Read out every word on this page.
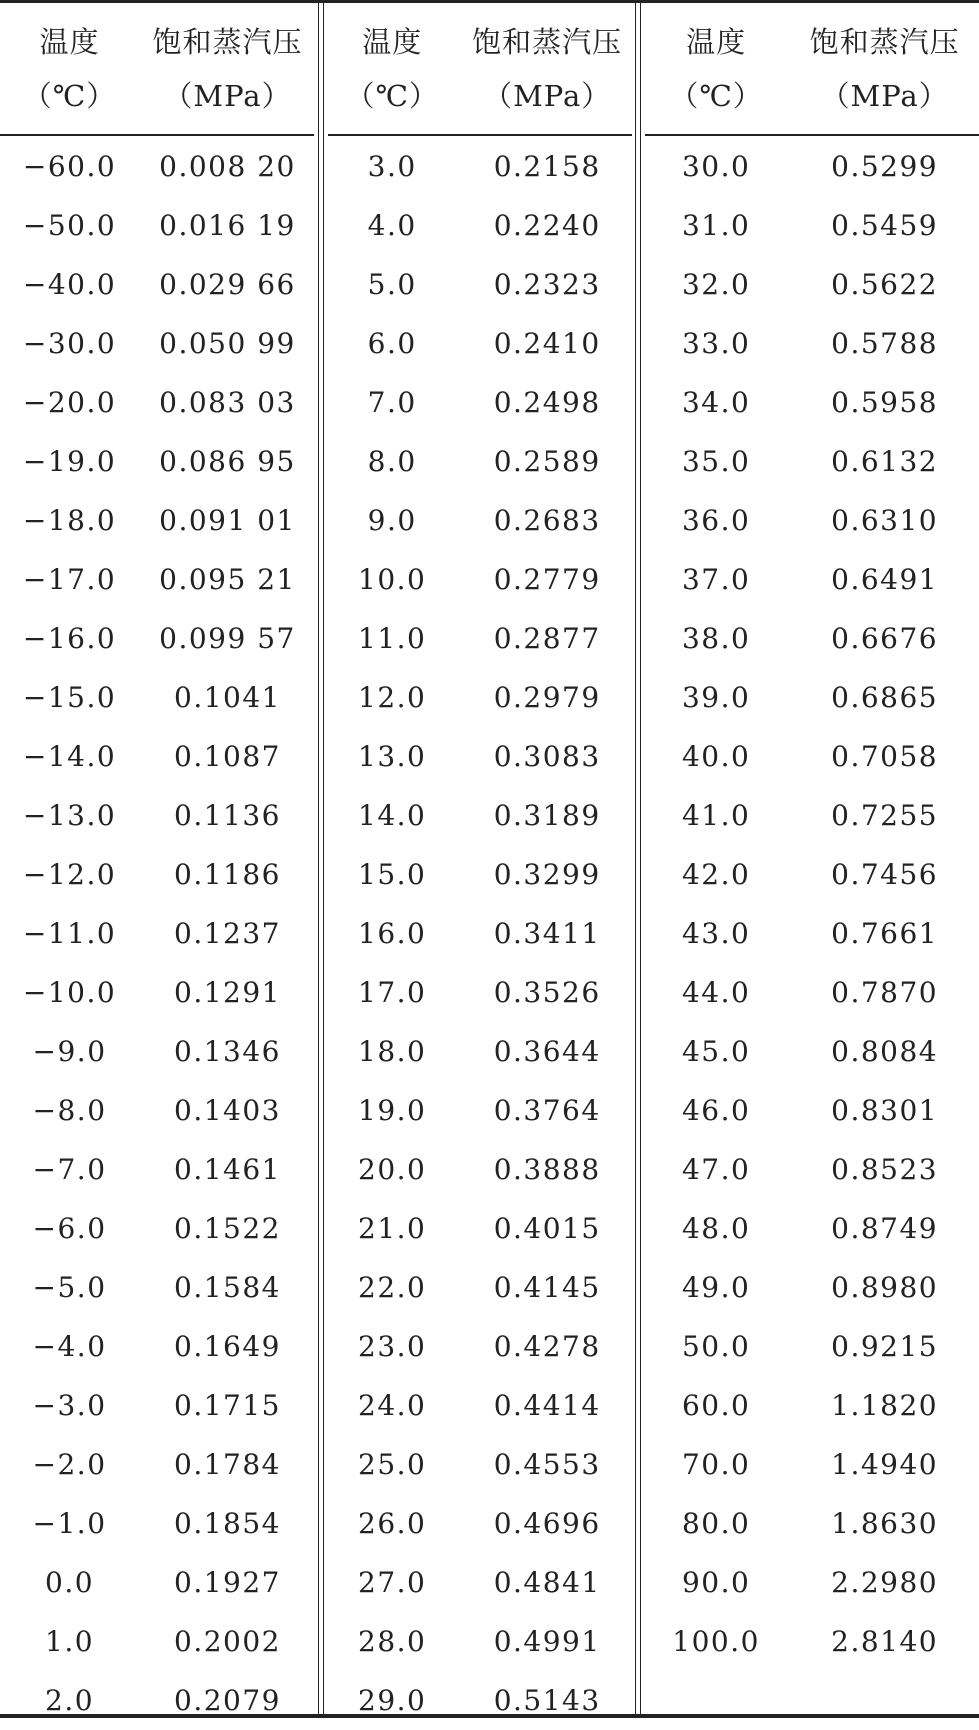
温度	饱和蒸汽压
（℃）	（MPa）
−60.0	0.008 20
−50.0	0.016 19
−40.0	0.029 66
−30.0	0.050 99
−20.0	0.083 03
−19.0	0.086 95
−18.0	0.091 01
−17.0	0.095 21
−16.0	0.099 57
−15.0	0.1041
−14.0	0.1087
−13.0	0.1136
−12.0	0.1186
−11.0	0.1237
−10.0	0.1291
−9.0	0.1346
−8.0	0.1403
−7.0	0.1461
−6.0	0.1522
−5.0	0.1584
−4.0	0.1649
−3.0	0.1715
−2.0	0.1784
−1.0	0.1854
0.0	0.1927
1.0	0.2002
2.0	0.2079
温度	饱和蒸汽压
（℃）	（MPa）
3.0	0.2158
4.0	0.2240
5.0	0.2323
6.0	0.2410
7.0	0.2498
8.0	0.2589
9.0	0.2683
10.0	0.2779
11.0	0.2877
12.0	0.2979
13.0	0.3083
14.0	0.3189
15.0	0.3299
16.0	0.3411
17.0	0.3526
18.0	0.3644
19.0	0.3764
20.0	0.3888
21.0	0.4015
22.0	0.4145
23.0	0.4278
24.0	0.4414
25.0	0.4553
26.0	0.4696
27.0	0.4841
28.0	0.4991
29.0	0.5143
温度	饱和蒸汽压
（℃）	（MPa）
30.0	0.5299
31.0	0.5459
32.0	0.5622
33.0	0.5788
34.0	0.5958
35.0	0.6132
36.0	0.6310
37.0	0.6491
38.0	0.6676
39.0	0.6865
40.0	0.7058
41.0	0.7255
42.0	0.7456
43.0	0.7661
44.0	0.7870
45.0	0.8084
46.0	0.8301
47.0	0.8523
48.0	0.8749
49.0	0.8980
50.0	0.9215
60.0	1.1820
70.0	1.4940
80.0	1.8630
90.0	2.2980
100.0	2.8140
